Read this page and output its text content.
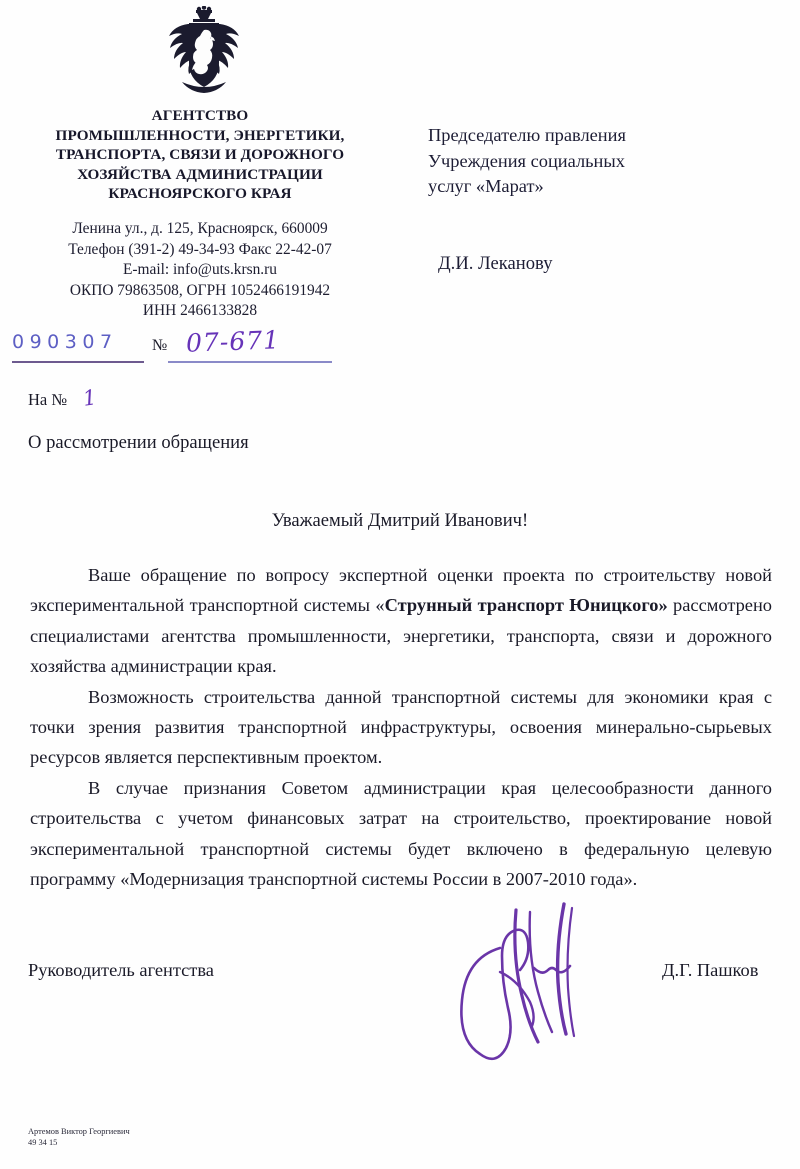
АГЕНТСТВО
ПРОМЫШЛЕННОСТИ, ЭНЕРГЕТИКИ,
ТРАНСПОРТА, СВЯЗИ И ДОРОЖНОГО
ХОЗЯЙСТВА АДМИНИСТРАЦИИ
КРАСНОЯРСКОГО КРАЯ
Ленина ул., д. 125, Красноярск, 660009
Телефон (391-2) 49-34-93 Факс 22-42-07
E-mail: info@uts.krsn.ru
ОКПО 79863508, ОГРН 1052466191942
ИНН 2466133828
090307 № 07-671
На № 1
О рассмотрении обращения
Председателю правления
Учреждения социальных
услуг «Марат»
Д.И. Леканову
Уважаемый Дмитрий Иванович!

Ваше обращение по вопросу экспертной оценки проекта по строительству новой экспериментальной транспортной системы «Струнный транспорт Юницкого» рассмотрено специалистами агентства промышленности, энергетики, транспорта, связи и дорожного хозяйства администрации края.

Возможность строительства данной транспортной системы для экономики края с точки зрения развития транспортной инфраструктуры, освоения минерально-сырьевых ресурсов является перспективным проектом.

В случае признания Советом администрации края целесообразности данного строительства с учетом финансовых затрат на строительство, проектирование новой экспериментальной транспортной системы будет включено в федеральную целевую программу «Модернизация транспортной системы России в 2007-2010 года».

Руководитель агентства	Д.Г. Пашков
Артемов Виктор Георгиевич
49 34 15
